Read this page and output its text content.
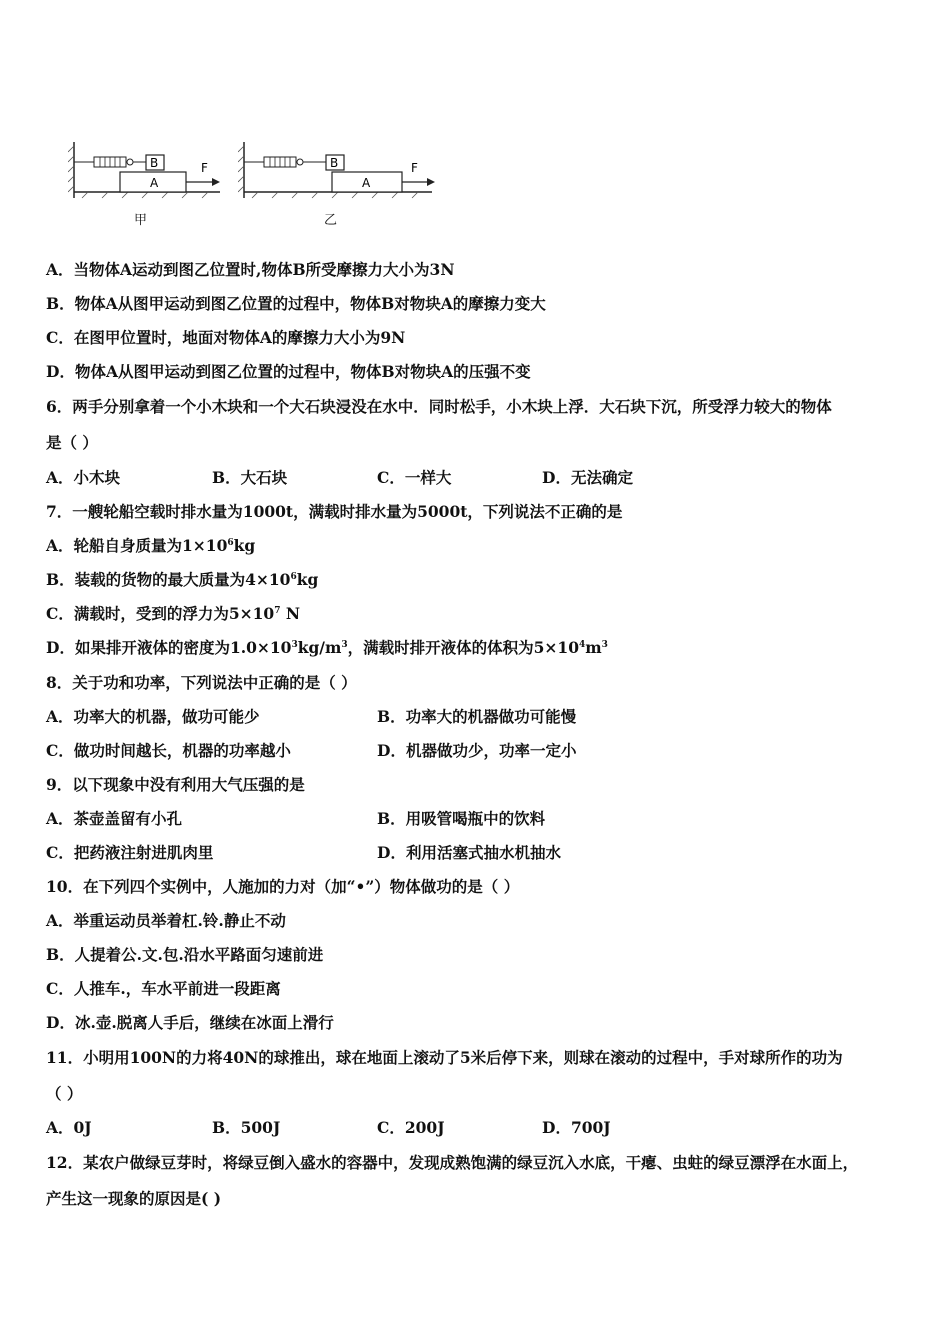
B
A
F
甲
B
A
F
乙
A．当物体A运动到图乙位置时,物体B所受摩擦力大小为3N
B．物体A从图甲运动到图乙位置的过程中，物体B对物块A的摩擦力变大
C．在图甲位置时，地面对物体A的摩擦力大小为9N
D．物体A从图甲运动到图乙位置的过程中，物体B对物块A的压强不变
6．两手分别拿着一个小木块和一个大石块浸没在水中．同时松手，小木块上浮．大石块下沉，所受浮力较大的物体
是（ ）
A．小木块	B．大石块	C．一样大	D．无法确定
7．一艘轮船空载时排水量为1000t，满载时排水量为5000t，下列说法不正确的是
A．轮船自身质量为$1\times 10^6kg$
B．装载的货物的最大质量为$4\times 10^6kg$
C．满载时，受到的浮力为$5\times 10^7$ N
D．如果排开液体的密度为$1.0\times 10^3kg/m^3$，满载时排开液体的体积为$5\times 10^4m^3$
8．关于功和功率，下列说法中正确的是（ ）
A．功率大的机器，做功可能少	B．功率大的机器做功可能慢
C．做功时间越长，机器的功率越小	D．机器做功少，功率一定小
9．以下现象中没有利用大气压强的是
A．茶壶盖留有小孔	B．用吸管喝瓶中的饮料
C．把药液注射进肌肉里	D．利用活塞式抽水机抽水
10．在下列四个实例中，人施加的力对（加“•”）物体做功的是（ ）
A．举重运动员举着杠.铃.静止不动
B．人提着公.文.包.沿水平路面匀速前进
C．人推车.，车水平前进一段距离
D．冰.壶.脱离人手后，继续在冰面上滑行
11．小明用100N的力将40N的球推出，球在地面上滚动了5米后停下来，则球在滚动的过程中，手对球所作的功为
（ ）
A．0J	B．500J	C．200J	D．700J
12．某农户做绿豆芽时，将绿豆倒入盛水的容器中，发现成熟饱满的绿豆沉入水底，干瘪、虫蛀的绿豆漂浮在水面上，
产生这一现象的原因是( )
